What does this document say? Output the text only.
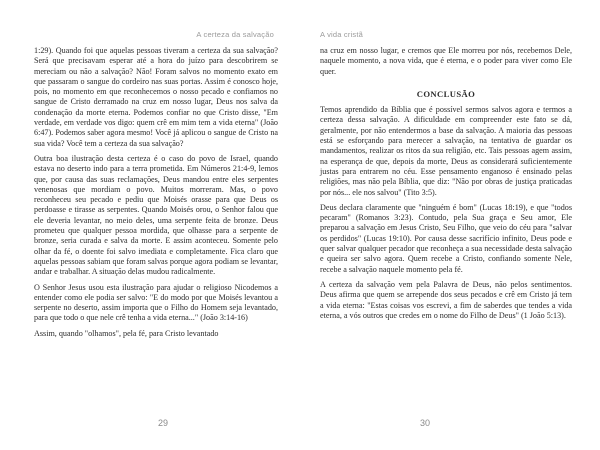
A certeza da salvação

1:29). Quando foi que aquelas pessoas tiveram a certeza da sua salvação? Será que precisavam esperar até a hora do juízo para descobrirem se mereciam ou não a salvação? Não! Foram salvos no momento exato em que passaram o sangue do cordeiro nas suas portas. Assim é conosco hoje, pois, no momento em que reconhecemos o nosso pecado e confiamos no sangue de Cristo derramado na cruz em nosso lugar, Deus nos salva da condenação da morte eterna. Podemos confiar no que Cristo disse, "Em verdade, em verdade vos digo: quem crê em mim tem a vida eterna" (João 6:47). Podemos saber agora mesmo! Você já aplicou o sangue de Cristo na sua vida? Você tem a certeza da sua salvação?

Outra boa ilustração desta certeza é o caso do povo de Israel, quando estava no deserto indo para a terra prometida. Em Números 21:4-9, lemos que, por causa das suas reclamações, Deus mandou entre eles serpentes venenosas que mordiam o povo. Muitos morreram. Mas, o povo reconheceu seu pecado e pediu que Moisés orasse para que Deus os perdoasse e tirasse as serpentes. Quando Moisés orou, o Senhor falou que ele deveria levantar, no meio deles, uma serpente feita de bronze. Deus prometeu que qualquer pessoa mordida, que olhasse para a serpente de bronze, seria curada e salva da morte. E assim aconteceu. Somente pelo olhar da fé, o doente foi salvo imediata e completamente. Fica claro que aquelas pessoas sabiam que foram salvas porque agora podiam se levantar, andar e trabalhar. A situação delas mudou radicalmente.

O Senhor Jesus usou esta ilustração para ajudar o religioso Nicodemos a entender como ele podia ser salvo: "E do modo por que Moisés levantou a serpente no deserto, assim importa que o Filho do Homem seja levantado, para que todo o que nele crê tenha a vida eterna..." (João 3:14-16)

Assim, quando "olhamos", pela fé, para Cristo levantado

29
A vida cristã

na cruz em nosso lugar, e cremos que Ele morreu por nós, recebemos Dele, naquele momento, a nova vida, que é eterna, e o poder para viver como Ele quer.

CONCLUSÃO

Temos aprendido da Bíblia que é possível sermos salvos agora e termos a certeza dessa salvação. A dificuldade em compreender este fato se dá, geralmente, por não entendermos a base da salvação. A maioria das pessoas está se esforçando para merecer a salvação, na tentativa de guardar os mandamentos, realizar os ritos da sua religião, etc. Tais pessoas agem assim, na esperança de que, depois da morte, Deus as considerará suficientemente justas para entrarem no céu. Esse pensamento enganoso é ensinado pelas religiões, mas não pela Bíblia, que diz: "Não por obras de justiça praticadas por nós... ele nos salvou" (Tito 3:5).

Deus declara claramente que "ninguém é bom" (Lucas 18:19), e que "todos pecaram" (Romanos 3:23). Contudo, pela Sua graça e Seu amor, Ele preparou a salvação em Jesus Cristo, Seu Filho, que veio do céu para "salvar os perdidos" (Lucas 19:10). Por causa desse sacrifício infinito, Deus pode e quer salvar qualquer pecador que reconheça a sua necessidade desta salvação e queira ser salvo agora. Quem recebe a Cristo, confiando somente Nele, recebe a salvação naquele momento pela fé.

A certeza da salvação vem pela Palavra de Deus, não pelos sentimentos. Deus afirma que quem se arrepende dos seus pecados e crê em Cristo já tem a vida eterna: "Estas coisas vos escrevi, a fim de saberdes que tendes a vida eterna, a vós outros que credes em o nome do Filho de Deus" (1 João 5:13).

30
